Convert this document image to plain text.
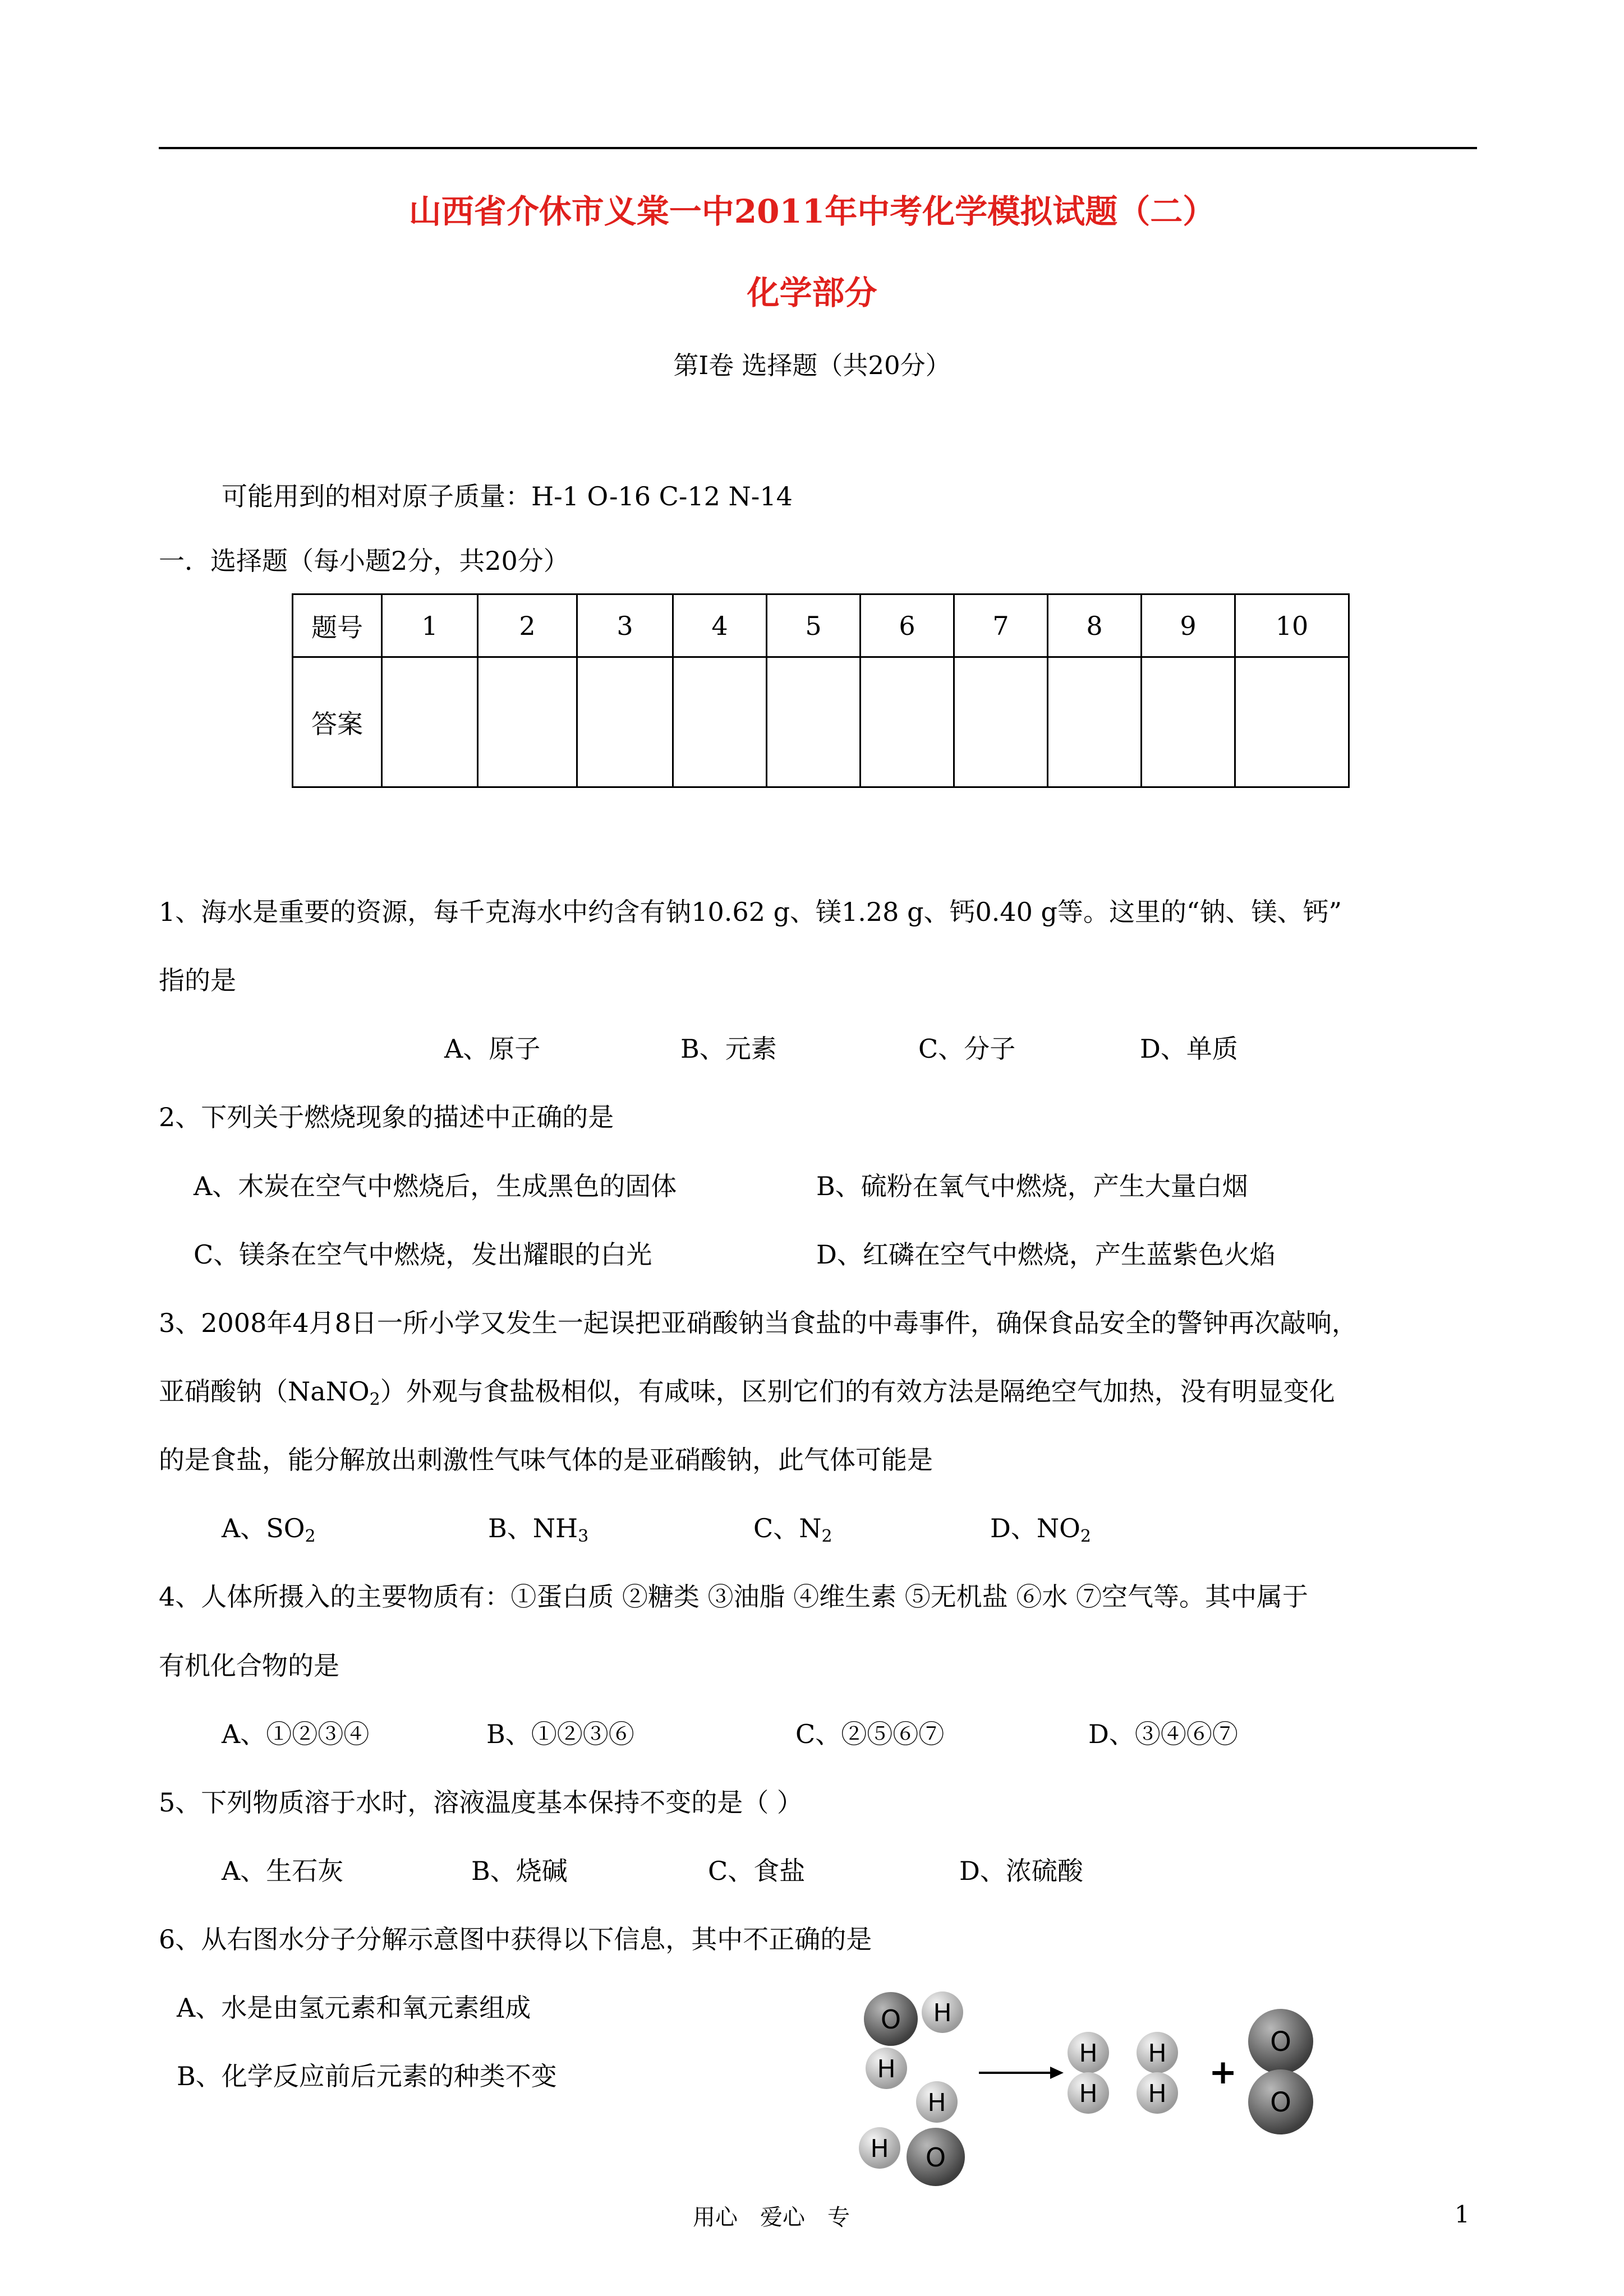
山西省介休市义棠一中2011年中考化学模拟试题（二）
化学部分
第Ⅰ卷 选择题（共20分）
可能用到的相对原子质量：H-1 O-16 C-12 N-14
一．选择题（每小题2分，共20分）
题号	1	2	3	4	5	6	7	8	9	10
答案										
1、海水是重要的资源，每千克海水中约含有钠10.62 g、镁1.28 g、钙0.40 g等。这里的“钠、镁、钙”
指的是
A、原子	B、元素	C、分子	D、单质
2、下列关于燃烧现象的描述中正确的是
A、木炭在空气中燃烧后，生成黑色的固体	B、硫粉在氧气中燃烧，产生大量白烟
C、镁条在空气中燃烧，发出耀眼的白光	D、红磷在空气中燃烧，产生蓝紫色火焰
3、2008年4月8日一所小学又发生一起误把亚硝酸钠当食盐的中毒事件，确保食品安全的警钟再次敲响，
亚硝酸钠（NaNO$_2$）外观与食盐极相似，有咸味，区别它们的有效方法是隔绝空气加热，没有明显变化
的是食盐，能分解放出刺激性气味气体的是亚硝酸钠，此气体可能是
A、$SO_2$	B、$NH_3$	C、$N_2$	D、$NO_2$
4、人体所摄入的主要物质有：①蛋白质 ②糖类 ③油脂 ④维生素 ⑤无机盐 ⑥水 ⑦空气等。其中属于
有机化合物的是
A、①②③④	B、①②③⑥	C、②⑤⑥⑦	D、③④⑥⑦
5、下列物质溶于水时，溶液温度基本保持不变的是（ ）
A、生石灰	B、烧碱	C、食盐	D、浓硫酸
6、从右图水分子分解示意图中获得以下信息，其中不正确的是
A、水是由氢元素和氧元素组成
B、化学反应前后元素的种类不变
O H
H
H
O
H
H
H
H
H
O
O
+
用心　爱心　专	1
